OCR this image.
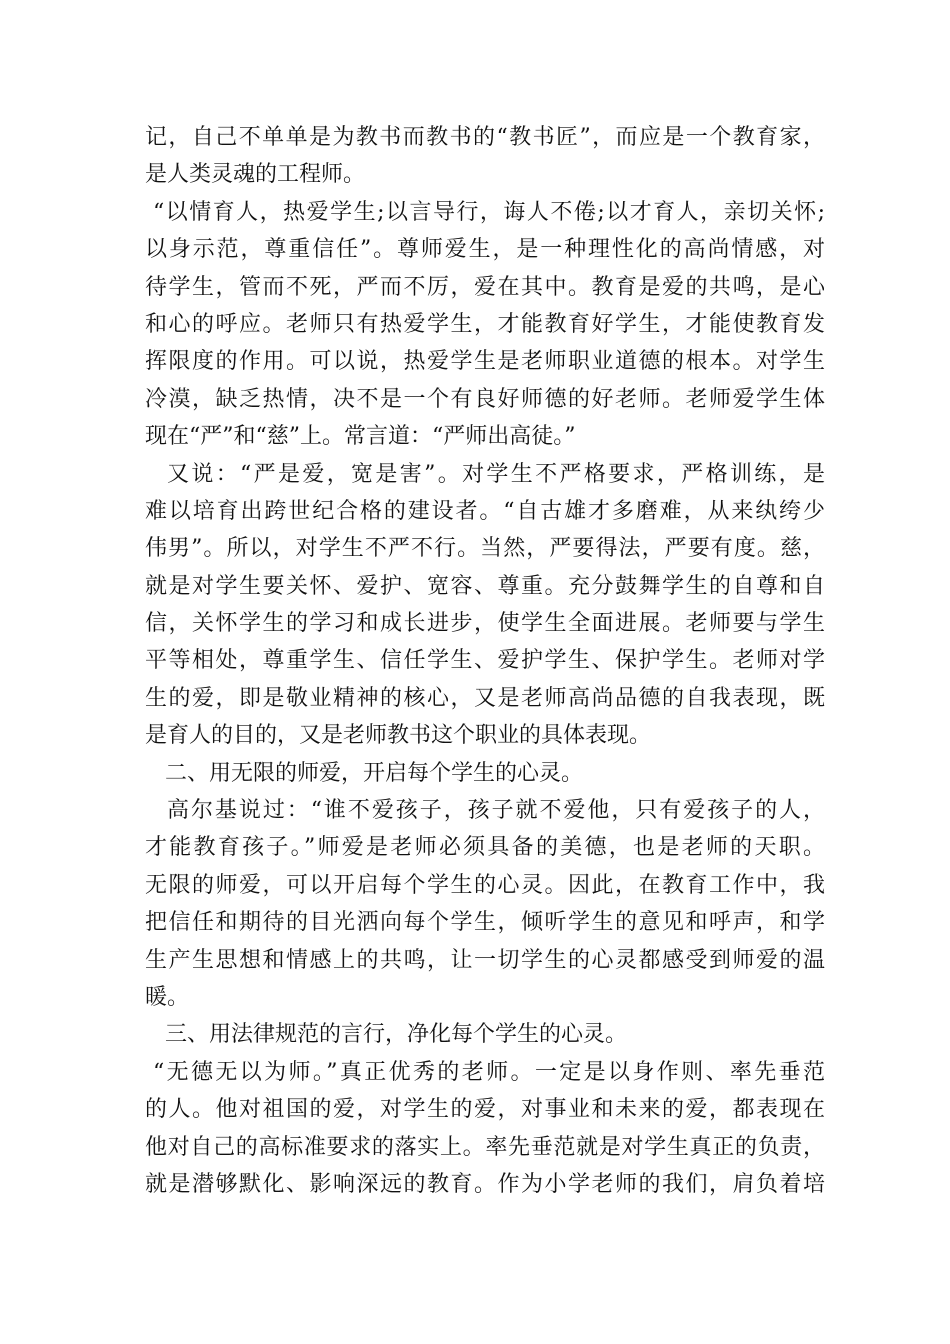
记，自己不单单是为教书而教书的“教书匠”，而应是一个教育家，
是人类灵魂的工程师。
“以情育人，热爱学生;以言导行，诲人不倦;以才育人，亲切关怀;
以身示范，尊重信任”。尊师爱生，是一种理性化的高尚情感，对
待学生，管而不死，严而不厉，爱在其中。教育是爱的共鸣，是心
和心的呼应。老师只有热爱学生，才能教育好学生，才能使教育发
挥限度的作用。可以说，热爱学生是老师职业道德的根本。对学生
冷漠，缺乏热情，决不是一个有良好师德的好老师。老师爱学生体
现在“严”和“慈”上。常言道：“严师出高徒。”
又说：“严是爱，宽是害”。对学生不严格要求，严格训练，是
难以培育出跨世纪合格的建设者。“自古雄才多磨难，从来纨绔少
伟男”。所以，对学生不严不行。当然，严要得法，严要有度。慈，
就是对学生要关怀、爱护、宽容、尊重。充分鼓舞学生的自尊和自
信，关怀学生的学习和成长进步，使学生全面进展。老师要与学生
平等相处，尊重学生、信任学生、爱护学生、保护学生。老师对学
生的爱，即是敬业精神的核心，又是老师高尚品德的自我表现，既
是育人的目的，又是老师教书这个职业的具体表现。
二、用无限的师爱，开启每个学生的心灵。
高尔基说过：“谁不爱孩子，孩子就不爱他，只有爱孩子的人，
才能教育孩子。”师爱是老师必须具备的美德，也是老师的天职。
无限的师爱，可以开启每个学生的心灵。因此，在教育工作中，我
把信任和期待的目光洒向每个学生，倾听学生的意见和呼声，和学
生产生思想和情感上的共鸣，让一切学生的心灵都感受到师爱的温
暖。
三、用法律规范的言行，净化每个学生的心灵。
“无德无以为师。”真正优秀的老师。一定是以身作则、率先垂范
的人。他对祖国的爱，对学生的爱，对事业和未来的爱，都表现在
他对自己的高标准要求的落实上。率先垂范就是对学生真正的负责，
就是潜够默化、影响深远的教育。作为小学老师的我们，肩负着培
